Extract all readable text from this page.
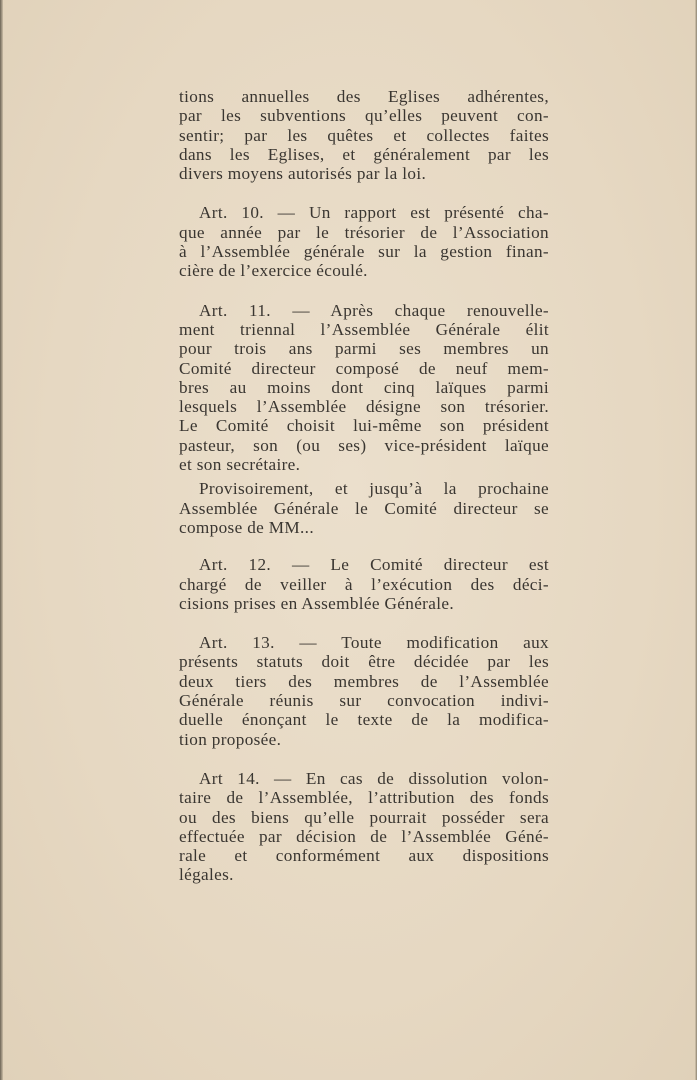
tions annuelles des Eglises adhérentes,
par les subventions qu’elles peuvent con-
sentir; par les quêtes et collectes faites
dans les Eglises, et généralement par les
divers moyens autorisés par la loi.

Art. 10. — Un rapport est présenté cha-
que année par le trésorier de l’Association
à l’Assemblée générale sur la gestion finan-
cière de l’exercice écoulé.

Art. 11. — Après chaque renouvelle-
ment triennal l’Assemblée Générale élit
pour trois ans parmi ses membres un
Comité directeur composé de neuf mem-
bres au moins dont cinq laïques parmi
lesquels l’Assemblée désigne son trésorier.
Le Comité choisit lui-même son président
pasteur, son (ou ses) vice-président laïque
et son secrétaire.

Provisoirement, et jusqu’à la prochaine
Assemblée Générale le Comité directeur se
compose de MM...

Art. 12. — Le Comité directeur est
chargé de veiller à l’exécution des déci-
cisions prises en Assemblée Générale.

Art. 13. — Toute modification aux
présents statuts doit être décidée par les
deux tiers des membres de l’Assemblée
Générale réunis sur convocation indivi-
duelle énonçant le texte de la modifica-
tion proposée.

Art 14. — En cas de dissolution volon-
taire de l’Assemblée, l’attribution des fonds
ou des biens qu’elle pourrait posséder sera
effectuée par décision de l’Assemblée Géné-
rale et conformément aux dispositions
légales.
